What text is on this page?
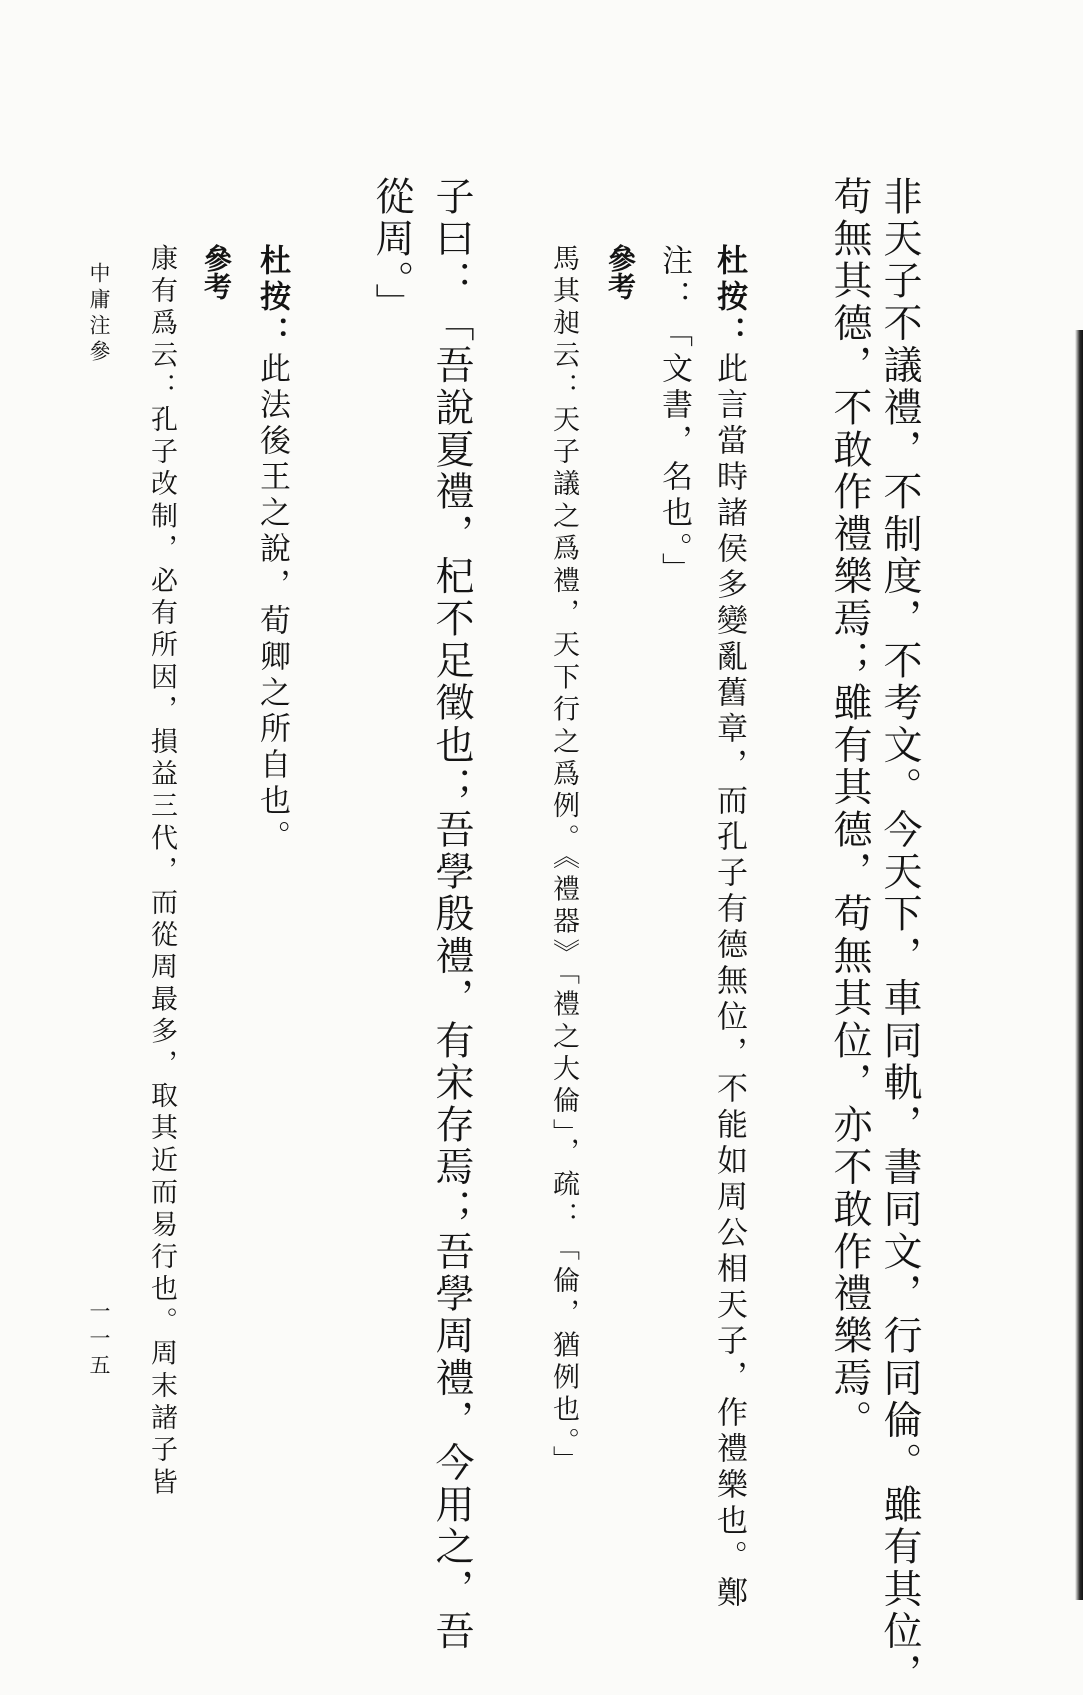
非天子不議禮，不制度，不考文。今天下，車同軌，書同文，行同倫。雖有其位，
苟無其德，不敢作禮樂焉；雖有其德，苟無其位，亦不敢作禮樂焉。
杜按：此言當時諸侯多變亂舊章，而孔子有德無位，不能如周公相天子，作禮樂也。鄭
注：「文書，名也。」
參考
馬其昶云：天子議之爲禮，天下行之爲例。《禮器》「禮之大倫」，疏：「倫，猶例也。」
子曰：「吾說夏禮，杞不足徵也；吾學殷禮，有宋存焉；吾學周禮，今用之，吾
從周。」
杜按：此法後王之說，荀卿之所自也。
參考
康有爲云：孔子改制，必有所因，損益三代，而從周最多，取其近而易行也。周末諸子皆
中庸注參
一一五
